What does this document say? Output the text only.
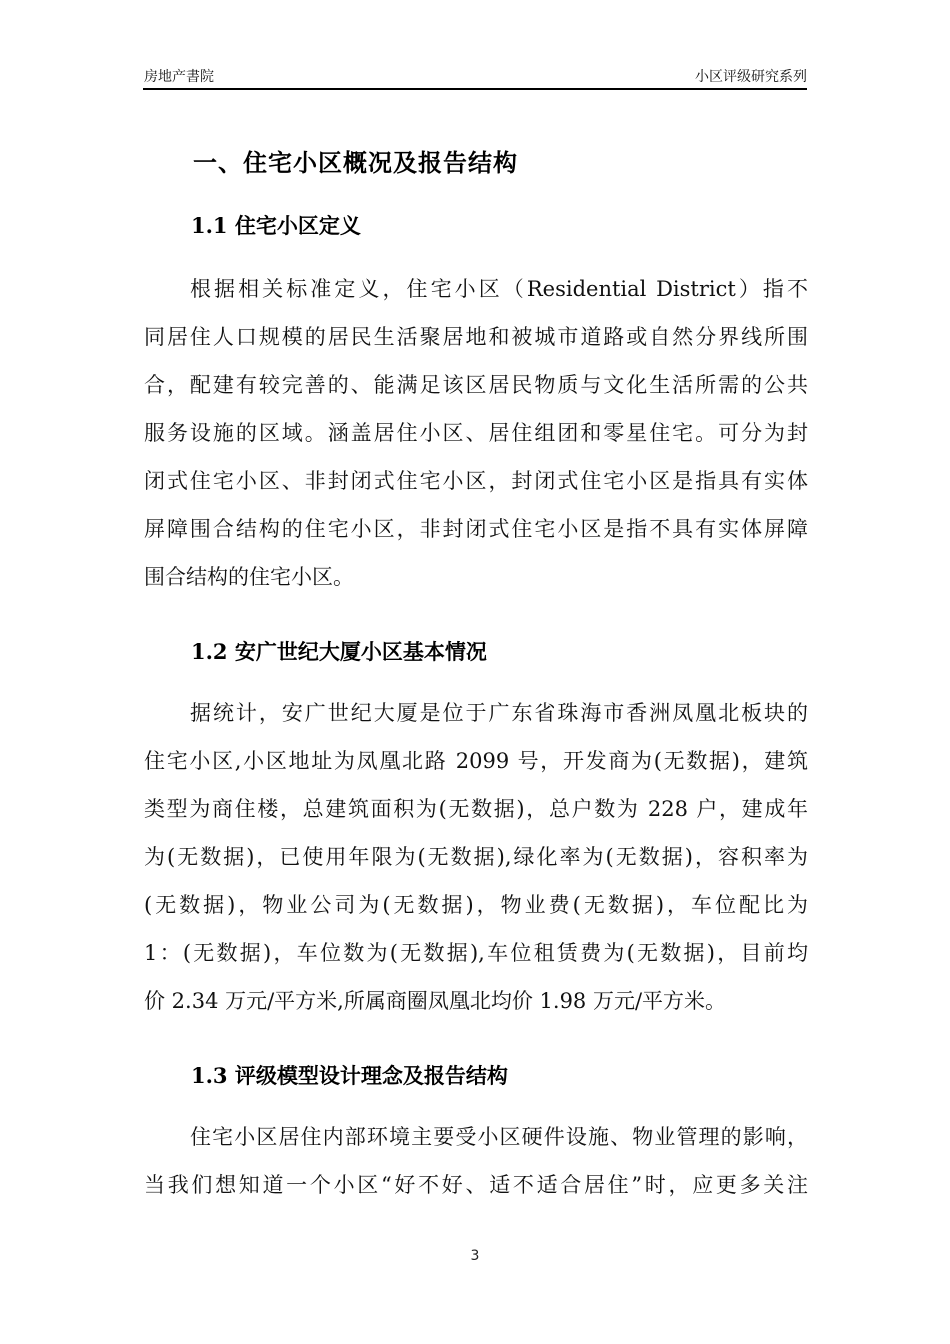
房地产書院	小区评级研究系列
一、住宅小区概况及报告结构
1.1 住宅小区定义
根据相关标准定义，住宅小区（Residential District）指不
同居住人口规模的居民生活聚居地和被城市道路或自然分界线所围
合，配建有较完善的、能满足该区居民物质与文化生活所需的公共
服务设施的区域。涵盖居住小区、居住组团和零星住宅。可分为封
闭式住宅小区、非封闭式住宅小区，封闭式住宅小区是指具有实体
屏障围合结构的住宅小区，非封闭式住宅小区是指不具有实体屏障
围合结构的住宅小区。
1.2 安广世纪大厦小区基本情况
据统计，安广世纪大厦是位于广东省珠海市香洲凤凰北板块的
住宅小区,小区地址为凤凰北路 2099 号，开发商为(无数据)，建筑
类型为商住楼，总建筑面积为(无数据)，总户数为 228 户，建成年
为(无数据)，已使用年限为(无数据),绿化率为(无数据)，容积率为
(无数据)，物业公司为(无数据)，物业费(无数据)，车位配比为
1：(无数据)，车位数为(无数据),车位租赁费为(无数据)，目前均
价 2.34 万元/平方米,所属商圈凤凰北均价 1.98 万元/平方米。
1.3 评级模型设计理念及报告结构
住宅小区居住内部环境主要受小区硬件设施、物业管理的影响，
当我们想知道一个小区“好不好、适不适合居住”时，应更多关注
3
